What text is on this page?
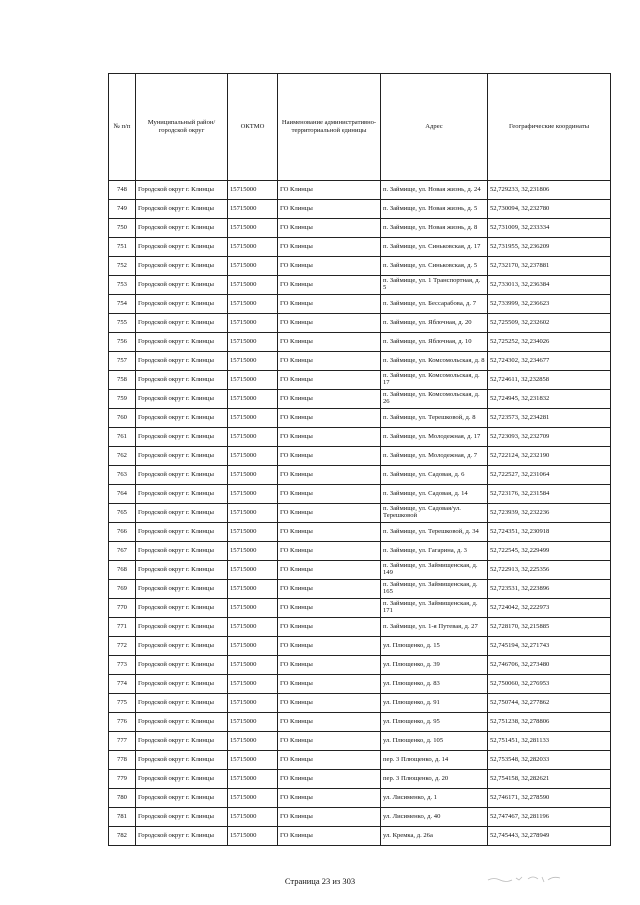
№ п/п	Муниципальный район/городской округ	ОКТМО	Наименование административно-территориальной единицы	Адрес	Географические координаты
748	Городской округ г. Клинцы	15715000	ГО Клинцы	п. Займище, ул. Новая жизнь, д. 24	52,729233, 32,231806
749	Городской округ г. Клинцы	15715000	ГО Клинцы	п. Займище, ул. Новая жизнь, д. 5	52,730094, 32,232780
750	Городской округ г. Клинцы	15715000	ГО Клинцы	п. Займище, ул. Новая жизнь, д. 8	52,731009, 32,233334
751	Городской округ г. Клинцы	15715000	ГО Клинцы	п. Займище, ул. Синьковская, д. 17	52,731955, 32,236209
752	Городской округ г. Клинцы	15715000	ГО Клинцы	п. Займище, ул. Синьковская, д. 5	52,732170, 32,237881
753	Городской округ г. Клинцы	15715000	ГО Клинцы	п. Займище, ул. 1 Транспортная, д. 5	52,733013, 32,236384
754	Городской округ г. Клинцы	15715000	ГО Клинцы	п. Займище, ул. Бессарабова, д. 7	52,733999, 32,236623
755	Городской округ г. Клинцы	15715000	ГО Клинцы	п. Займище, ул. Яблочная, д. 20	52,725509, 32,232602
756	Городской округ г. Клинцы	15715000	ГО Клинцы	п. Займище, ул. Яблочная, д. 10	52,725252, 32,234026
757	Городской округ г. Клинцы	15715000	ГО Клинцы	п. Займище, ул. Комсомольская, д. 8	52,724302, 32,234677
758	Городской округ г. Клинцы	15715000	ГО Клинцы	п. Займище, ул. Комсомольская, д. 17	52,724611, 32,232858
759	Городской округ г. Клинцы	15715000	ГО Клинцы	п. Займище, ул. Комсомольская, д. 26	52,724945, 32,231832
760	Городской округ г. Клинцы	15715000	ГО Клинцы	п. Займище, ул. Терешковой, д. 8	52,723573, 32,234281
761	Городской округ г. Клинцы	15715000	ГО Клинцы	п. Займище, ул. Молодежная, д. 17	52,723093, 32,232709
762	Городской округ г. Клинцы	15715000	ГО Клинцы	п. Займище, ул. Молодежная, д. 7	52,722124, 32,232190
763	Городской округ г. Клинцы	15715000	ГО Клинцы	п. Займище, ул. Садовая, д. 6	52,722527, 32,231064
764	Городской округ г. Клинцы	15715000	ГО Клинцы	п. Займище, ул. Садовая, д. 14	52,723176, 32,231584
765	Городской округ г. Клинцы	15715000	ГО Клинцы	п. Займище, ул. Садовая/ул. Терешковой	52,723939, 32,232236
766	Городской округ г. Клинцы	15715000	ГО Клинцы	п. Займище, ул. Терешковой, д. 34	52,724351, 32,230918
767	Городской округ г. Клинцы	15715000	ГО Клинцы	п. Займище, ул. Гагарина, д. 3	52,722545, 32,229499
768	Городской округ г. Клинцы	15715000	ГО Клинцы	п. Займище, ул. Займищенская, д. 149	52,722913, 32,225356
769	Городской округ г. Клинцы	15715000	ГО Клинцы	п. Займище, ул. Займищенская, д. 165	52,723531, 32,223896
770	Городской округ г. Клинцы	15715000	ГО Клинцы	п. Займище, ул. Займищенская, д. 171	52,724042, 32,222973
771	Городской округ г. Клинцы	15715000	ГО Клинцы	п. Займище, ул. 1-я Путевая, д. 27	52,728170, 32,215885
772	Городской округ г. Клинцы	15715000	ГО Клинцы	ул. Плющенко, д. 15	52,745194, 32,271743
773	Городской округ г. Клинцы	15715000	ГО Клинцы	ул. Плющенко, д. 39	52,746706, 32,273480
774	Городской округ г. Клинцы	15715000	ГО Клинцы	ул. Плющенко, д. 83	52,750060, 32,276953
775	Городской округ г. Клинцы	15715000	ГО Клинцы	ул. Плющенко, д. 91	52,750744, 32,277862
776	Городской округ г. Клинцы	15715000	ГО Клинцы	ул. Плющенко, д. 95	52,751238, 32,278806
777	Городской округ г. Клинцы	15715000	ГО Клинцы	ул. Плющенко, д. 105	52,751451, 32,281133
778	Городской округ г. Клинцы	15715000	ГО Клинцы	пер. 3 Плющенко, д. 14	52,753548, 32,282033
779	Городской округ г. Клинцы	15715000	ГО Клинцы	пер. 3 Плющенко, д. 20	52,754158, 32,282621
780	Городской округ г. Клинцы	15715000	ГО Клинцы	ул. Лисименко, д. 1	52,746171, 32,278590
781	Городской округ г. Клинцы	15715000	ГО Клинцы	ул. Лисименко, д. 40	52,747467, 32,281196
782	Городской округ г. Клинцы	15715000	ГО Клинцы	ул. Кремка, д. 26а	52,745443, 32,278949
Страница 23 из 303
